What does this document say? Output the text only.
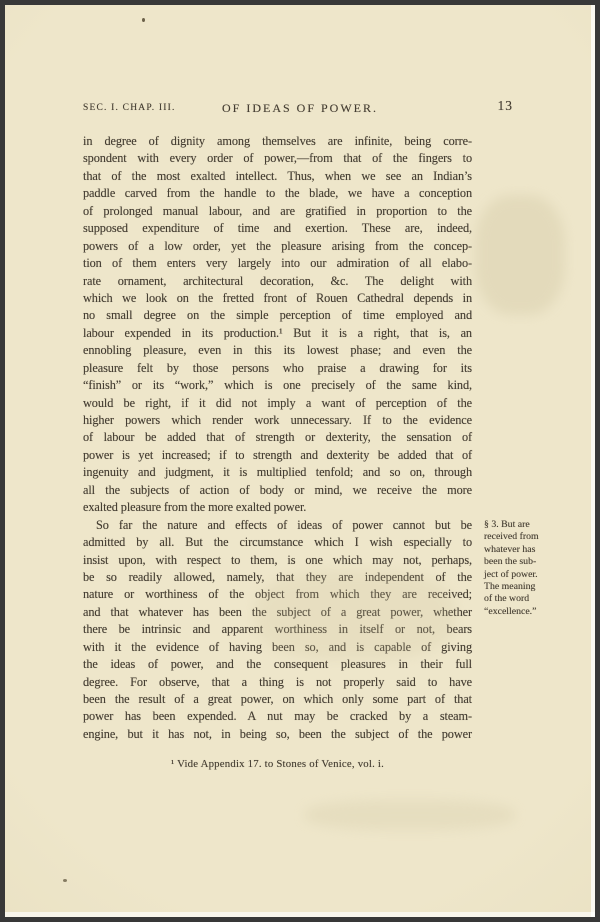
SEC. I. CHAP. III.	OF IDEAS OF POWER.	13
in degree of dignity among themselves are infinite, being corre-
spondent with every order of power,—from that of the fingers to
that of the most exalted intellect. Thus, when we see an Indian’s
paddle carved from the handle to the blade, we have a conception
of prolonged manual labour, and are gratified in proportion to the
supposed expenditure of time and exertion. These are, indeed,
powers of a low order, yet the pleasure arising from the concep-
tion of them enters very largely into our admiration of all elabo-
rate ornament, architectural decoration, &c. The delight with
which we look on the fretted front of Rouen Cathedral depends in
no small degree on the simple perception of time employed and
labour expended in its production.¹ But it is a right, that is, an
ennobling pleasure, even in this its lowest phase; and even the
pleasure felt by those persons who praise a drawing for its
“finish” or its “work,” which is one precisely of the same kind,
would be right, if it did not imply a want of perception of the
higher powers which render work unnecessary. If to the evidence
of labour be added that of strength or dexterity, the sensation of
power is yet increased; if to strength and dexterity be added that of
ingenuity and judgment, it is multiplied tenfold; and so on, through
all the subjects of action of body or mind, we receive the more
exalted pleasure from the more exalted power.
So far the nature and effects of ideas of power cannot but be
admitted by all. But the circumstance which I wish especially to
insist upon, with respect to them, is one which may not, perhaps,
be so readily allowed, namely, that they are independent of the
nature or worthiness of the object from which they are received;
and that whatever has been the subject of a great power, whether
there be intrinsic and apparent worthiness in itself or not, bears
with it the evidence of having been so, and is capable of giving
the ideas of power, and the consequent pleasures in their full
degree. For observe, that a thing is not properly said to have
been the result of a great power, on which only some part of that
power has been expended. A nut may be cracked by a steam-
engine, but it has not, in being so, been the subject of the power
§ 3. But are
received from
whatever has
been the sub-
ject of power.
The meaning
of the word
“excellence.”
¹ Vide Appendix 17. to Stones of Venice, vol. i.
